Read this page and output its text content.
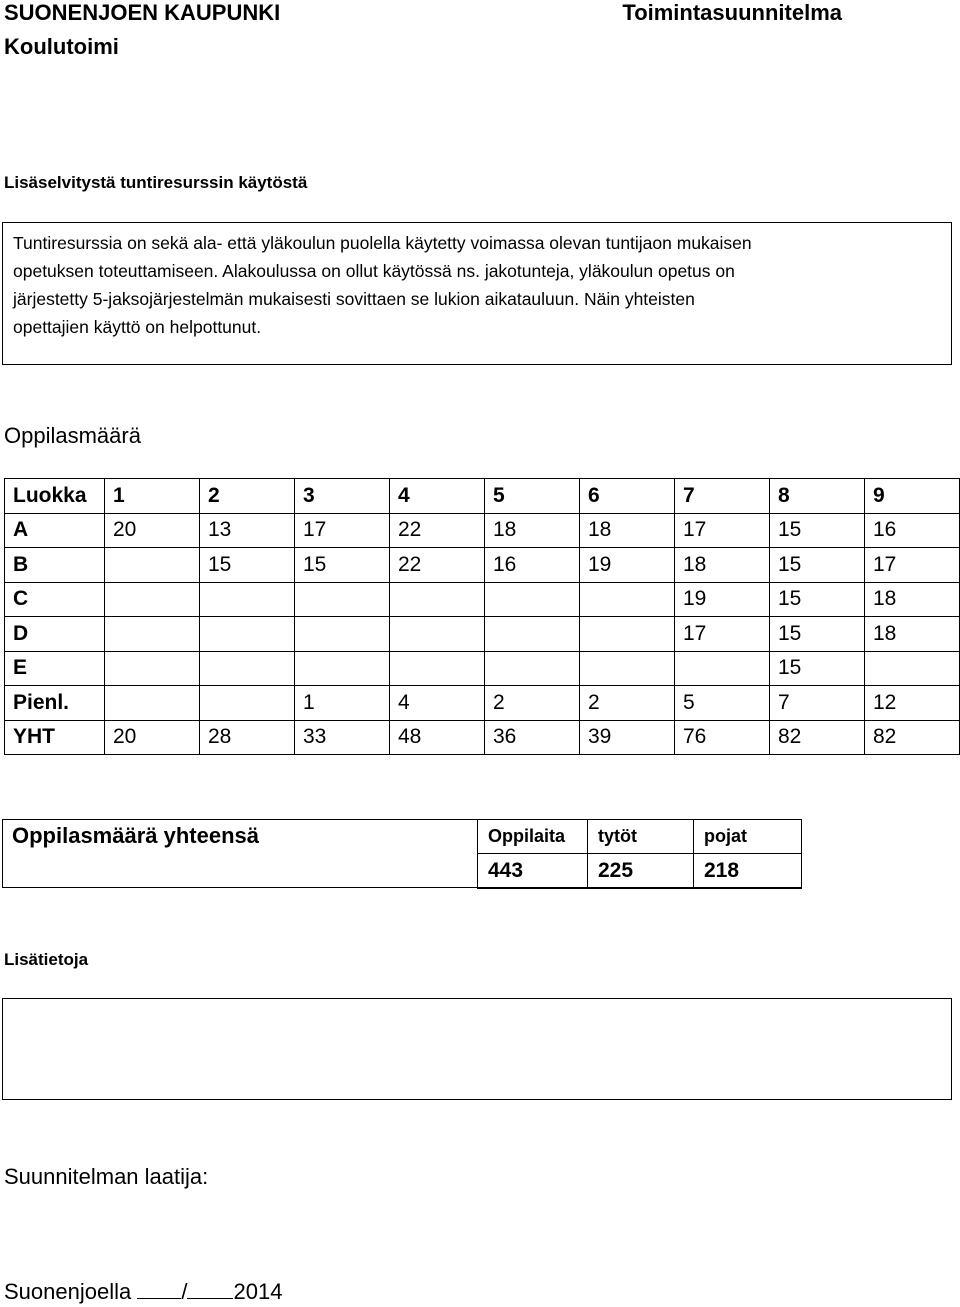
SUONENJOEN KAUPUNKI
Koulutoimi
Toimintasuunnitelma
Lisäselvitystä tuntiresurssin käytöstä
Tuntiresurssia on sekä ala- että yläkoulun puolella käytetty voimassa olevan tuntijaon mukaisen
opetuksen toteuttamiseen. Alakoulussa on ollut käytössä ns. jakotunteja, yläkoulun opetus on
järjestetty 5-jaksojärjestelmän mukaisesti sovittaen se lukion aikatauluun. Näin yhteisten
opettajien käyttö on helpottunut.
Oppilasmäärä
Luokka	1	2	3	4	5	6	7	8	9
A	20	13	17	22	18	18	17	15	16
B		15	15	22	16	19	18	15	17
C							19	15	18
D							17	15	18
E								15	
Pienl.			1	4	2	2	5	7	12
YHT	20	28	33	48	36	39	76	82	82
Oppilasmäärä yhteensä	Oppilaita	tytöt	pojat
443	225	218
Lisätietoja
Suunnitelman laatija:
Suonenjoella / 2014
